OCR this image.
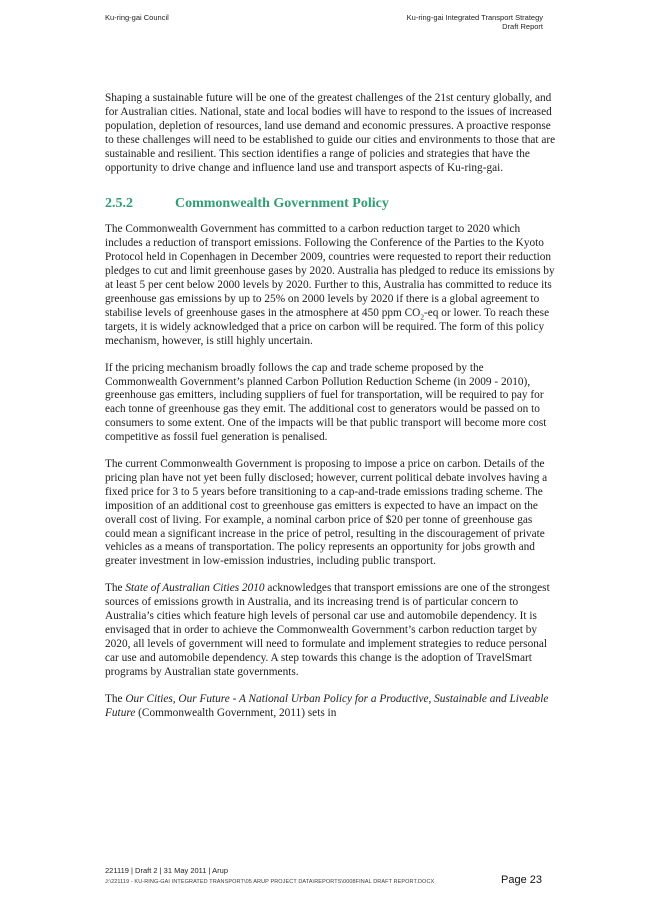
Ku-ring-gai Council	Ku-ring-gai Integrated Transport Strategy
Draft Report

Shaping a sustainable future will be one of the greatest challenges of the 21st century globally, and for Australian cities. National, state and local bodies will have to respond to the issues of increased population, depletion of resources, land use demand and economic pressures. A proactive response to these challenges will need to be established to guide our cities and environments to those that are sustainable and resilient. This section identifies a range of policies and strategies that have the opportunity to drive change and influence land use and transport aspects of Ku-ring-gai.

2.5.2	Commonwealth Government Policy

The Commonwealth Government has committed to a carbon reduction target to 2020 which includes a reduction of transport emissions. Following the Conference of the Parties to the Kyoto Protocol held in Copenhagen in December 2009, countries were requested to report their reduction pledges to cut and limit greenhouse gases by 2020. Australia has pledged to reduce its emissions by at least 5 per cent below 2000 levels by 2020. Further to this, Australia has committed to reduce its greenhouse gas emissions by up to 25% on 2000 levels by 2020 if there is a global agreement to stabilise levels of greenhouse gases in the atmosphere at 450 ppm $CO_2-eq$ or lower. To reach these targets, it is widely acknowledged that a price on carbon will be required. The form of this policy mechanism, however, is still highly uncertain.

If the pricing mechanism broadly follows the cap and trade scheme proposed by the Commonwealth Government’s planned Carbon Pollution Reduction Scheme (in 2009 - 2010), greenhouse gas emitters, including suppliers of fuel for transportation, will be required to pay for each tonne of greenhouse gas they emit. The additional cost to generators would be passed on to consumers to some extent. One of the impacts will be that public transport will become more cost competitive as fossil fuel generation is penalised.

The current Commonwealth Government is proposing to impose a price on carbon. Details of the pricing plan have not yet been fully disclosed; however, current political debate involves having a fixed price for 3 to 5 years before transitioning to a cap-and-trade emissions trading scheme. The imposition of an additional cost to greenhouse gas emitters is expected to have an impact on the overall cost of living. For example, a nominal carbon price of $20 per tonne of greenhouse gas could mean a significant increase in the price of petrol, resulting in the discouragement of private vehicles as a means of transportation. The policy represents an opportunity for jobs growth and greater investment in low-emission industries, including public transport.

The State of Australian Cities 2010 acknowledges that transport emissions are one of the strongest sources of emissions growth in Australia, and its increasing trend is of particular concern to Australia’s cities which feature high levels of personal car use and automobile dependency. It is envisaged that in order to achieve the Commonwealth Government’s carbon reduction target by 2020, all levels of government will need to formulate and implement strategies to reduce personal car use and automobile dependency. A step towards this change is the adoption of TravelSmart programs by Australian state governments.

The Our Cities, Our Future - A National Urban Policy for a Productive, Sustainable and Liveable Future (Commonwealth Government, 2011) sets in

221119 | Draft 2 | 31 May 2011 | Arup
J:\221119 - KU-RING-GAI INTEGRATED TRANSPORT\05 ARUP PROJECT DATA\REPORTS\0008FINAL DRAFT REPORT.DOCX	Page 23
